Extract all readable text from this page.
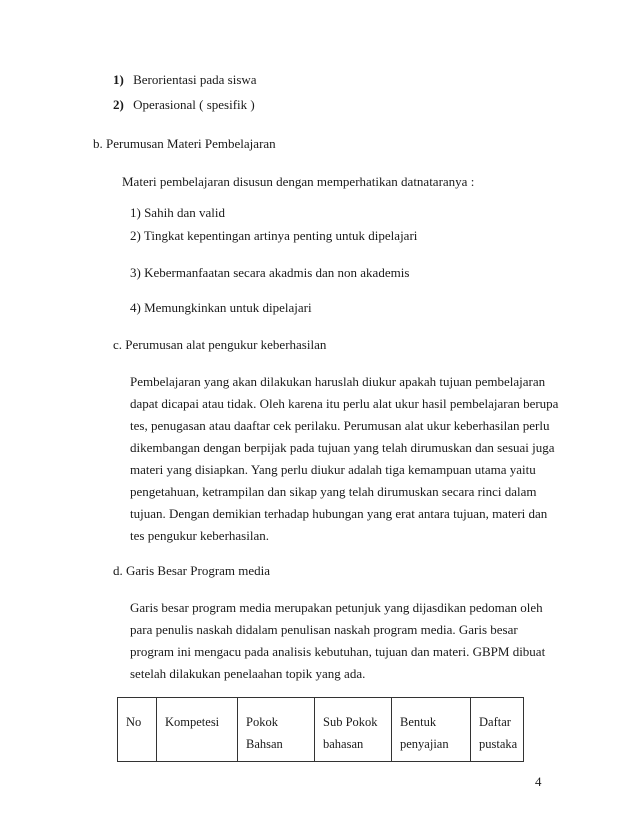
1) Berorientasi pada siswa
2) Operasional ( spesifik )
b. Perumusan Materi Pembelajaran
Materi pembelajaran disusun dengan memperhatikan datnataranya :
1) Sahih dan valid
2) Tingkat kepentingan artinya penting untuk dipelajari
3) Kebermanfaatan secara akadmis dan non akademis
4) Memungkinkan untuk dipelajari
c. Perumusan alat pengukur keberhasilan
Pembelajaran yang akan dilakukan haruslah diukur apakah tujuan pembelajaran
dapat dicapai atau tidak. Oleh karena itu perlu alat ukur hasil pembelajaran berupa
tes, penugasan atau daaftar cek perilaku. Perumusan alat ukur keberhasilan perlu
dikembangan dengan berpijak pada tujuan yang telah dirumuskan dan sesuai juga
materi yang disiapkan. Yang perlu diukur adalah tiga kemampuan utama yaitu
pengetahuan, ketrampilan dan sikap yang telah dirumuskan secara rinci dalam
tujuan. Dengan demikian terhadap hubungan yang erat antara tujuan, materi dan
tes pengukur keberhasilan.
d. Garis Besar Program media
Garis besar program media merupakan petunjuk yang dijasdikan pedoman oleh
para penulis naskah didalam penulisan naskah program media. Garis besar
program ini mengacu pada analisis kebutuhan, tujuan dan materi. GBPM dibuat
setelah dilakukan penelaahan topik yang ada.
No	Kompetesi	Pokok Bahsan	Sub Pokok bahasan	Bentuk penyajian	Daftar pustaka
4
